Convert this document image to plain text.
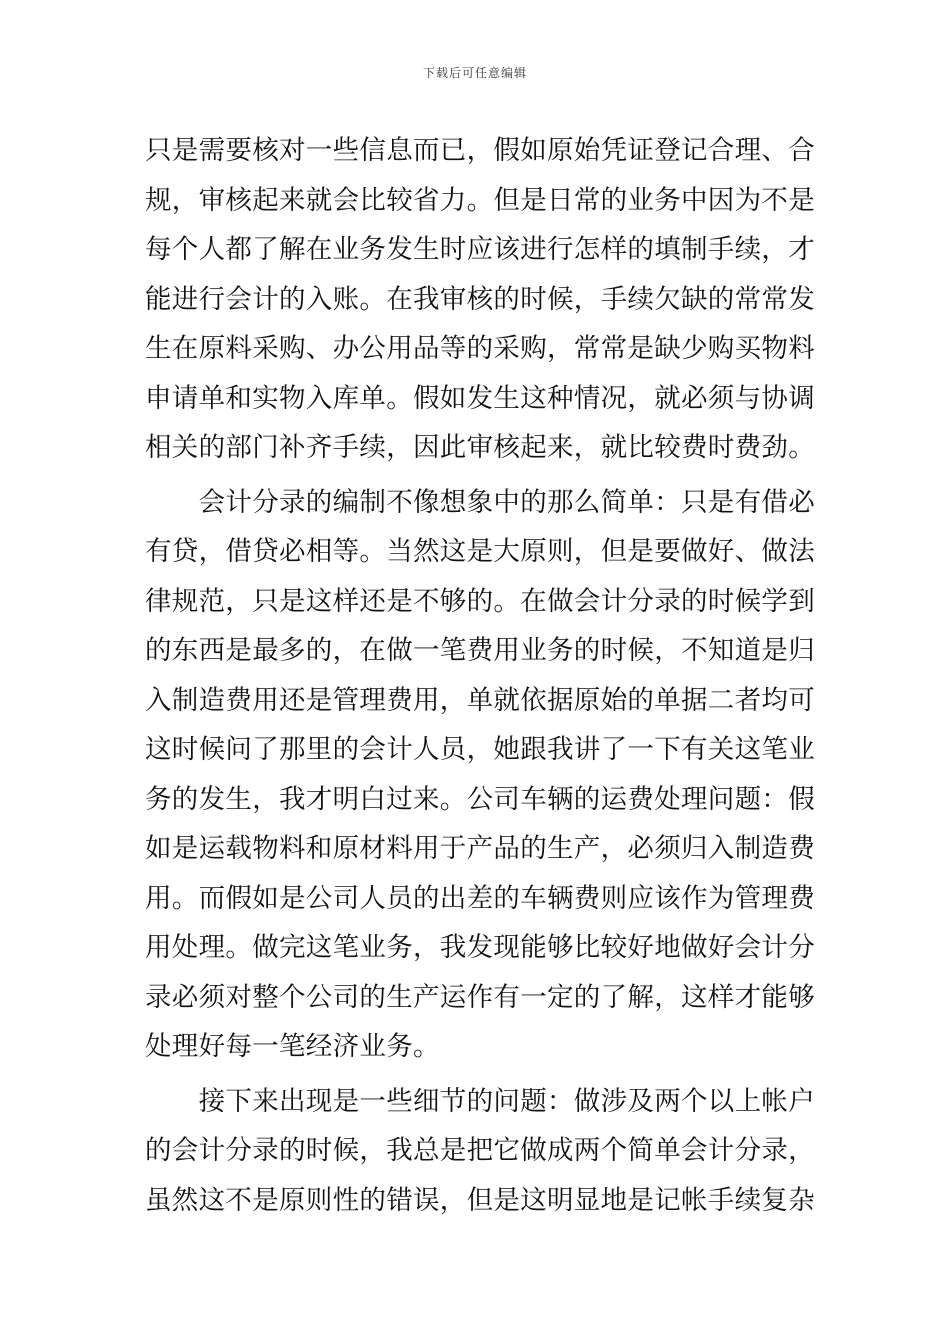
下载后可任意编辑
只是需要核对一些信息而已，假如原始凭证登记合理、合
规，审核起来就会比较省力。但是日常的业务中因为不是
每个人都了解在业务发生时应该进行怎样的填制手续，才
能进行会计的入账。在我审核的时候，手续欠缺的常常发
生在原料采购、办公用品等的采购，常常是缺少购买物料
申请单和实物入库单。假如发生这种情况，就必须与协调
相关的部门补齐手续，因此审核起来，就比较费时费劲。
　　会计分录的编制不像想象中的那么简单：只是有借必
有贷，借贷必相等。当然这是大原则，但是要做好、做法
律规范，只是这样还是不够的。在做会计分录的时候学到
的东西是最多的，在做一笔费用业务的时候，不知道是归
入制造费用还是管理费用，单就依据原始的单据二者均可
这时候问了那里的会计人员，她跟我讲了一下有关这笔业
务的发生，我才明白过来。公司车辆的运费处理问题：假
如是运载物料和原材料用于产品的生产，必须归入制造费
用。而假如是公司人员的出差的车辆费则应该作为管理费
用处理。做完这笔业务，我发现能够比较好地做好会计分
录必须对整个公司的生产运作有一定的了解，这样才能够
处理好每一笔经济业务。
　　接下来出现是一些细节的问题：做涉及两个以上帐户
的会计分录的时候，我总是把它做成两个简单会计分录，
虽然这不是原则性的错误，但是这明显地是记帐手续复杂
